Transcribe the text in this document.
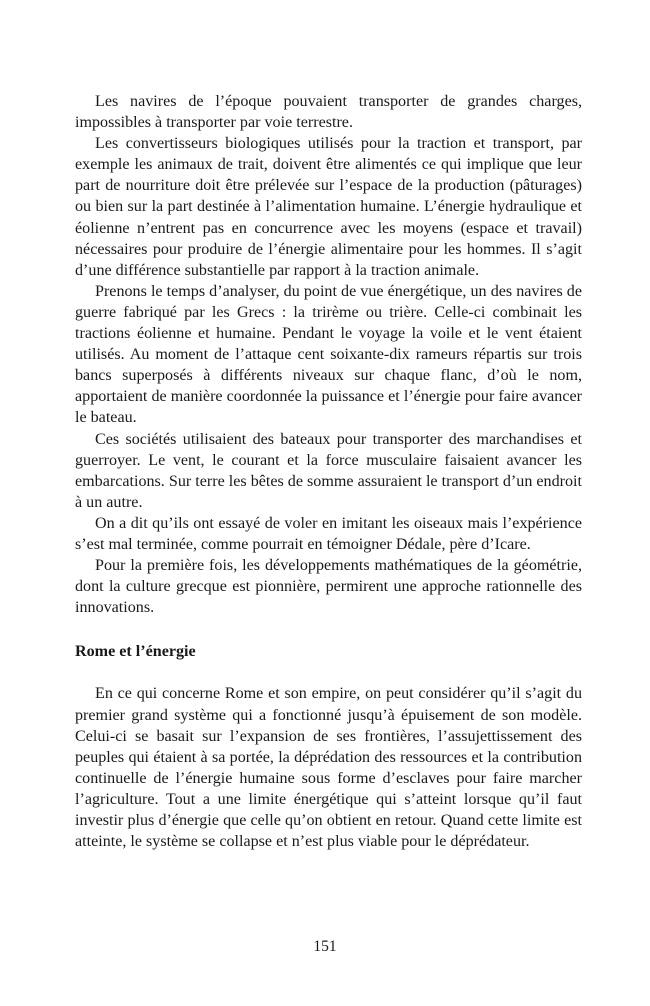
Les navires de l’époque pouvaient transporter de grandes charges, impossibles à transporter par voie terrestre.

Les convertisseurs biologiques utilisés pour la traction et transport, par exemple les animaux de trait, doivent être alimentés ce qui implique que leur part de nourriture doit être prélevée sur l’espace de la production (pâturages) ou bien sur la part destinée à l’alimentation humaine. L’énergie hydraulique et éolienne n’entrent pas en concurrence avec les moyens (espace et travail) nécessaires pour produire de l’énergie alimentaire pour les hommes. Il s’agit d’une différence substantielle par rapport à la traction animale.

Prenons le temps d’analyser, du point de vue énergétique, un des navires de guerre fabriqué par les Grecs : la trirème ou trière. Celle-ci combinait les tractions éolienne et humaine. Pendant le voyage la voile et le vent étaient utilisés. Au moment de l’attaque cent soixante-dix rameurs répartis sur trois bancs superposés à différents niveaux sur chaque flanc, d’où le nom, apportaient de manière coordonnée la puissance et l’énergie pour faire avancer le bateau.

Ces sociétés utilisaient des bateaux pour transporter des marchandises et guerroyer. Le vent, le courant et la force musculaire faisaient avancer les embarcations. Sur terre les bêtes de somme assuraient le transport d’un endroit à un autre.

On a dit qu’ils ont essayé de voler en imitant les oiseaux mais l’expérience s’est mal terminée, comme pourrait en témoigner Dédale, père d’Icare.

Pour la première fois, les développements mathématiques de la géométrie, dont la culture grecque est pionnière, permirent une approche rationnelle des innovations.

Rome et l’énergie

En ce qui concerne Rome et son empire, on peut considérer qu’il s’agit du premier grand système qui a fonctionné jusqu’à épuisement de son modèle. Celui-ci se basait sur l’expansion de ses frontières, l’assujettissement des peuples qui étaient à sa portée, la déprédation des ressources et la contribution continuelle de l’énergie humaine sous forme d’esclaves pour faire marcher l’agriculture. Tout a une limite énergétique qui s’atteint lorsque qu’il faut investir plus d’énergie que celle qu’on obtient en retour. Quand cette limite est atteinte, le système se collapse et n’est plus viable pour le déprédateur.

151
